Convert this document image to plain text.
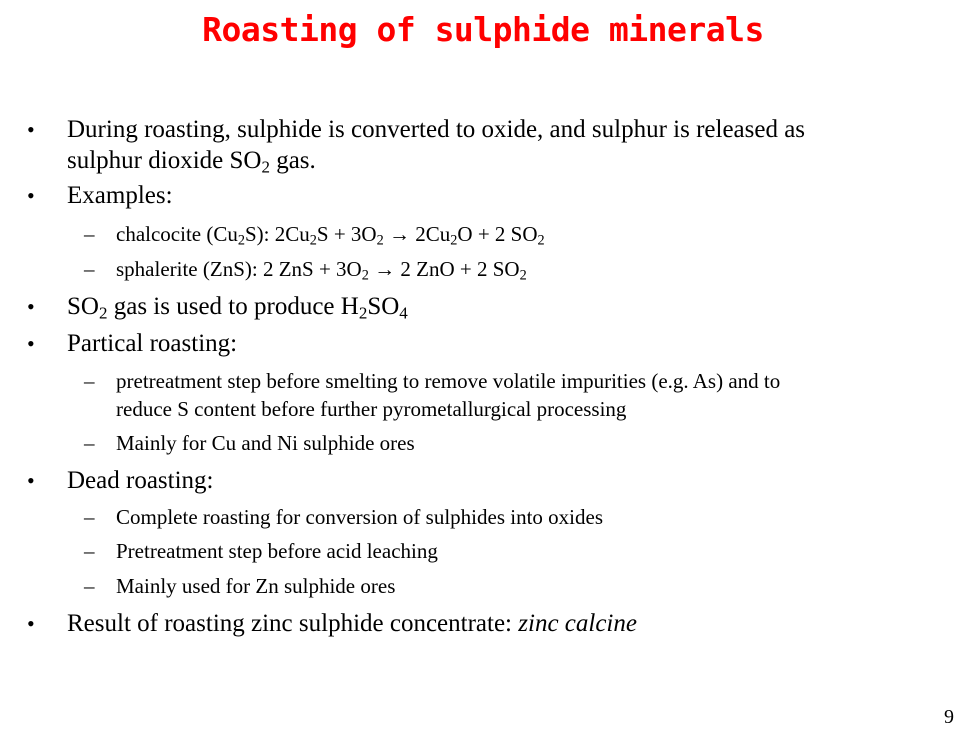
Roasting of sulphide minerals
• During roasting, sulphide is converted to oxide, and sulphur is released as
sulphur dioxide $SO_2$ gas.
• Examples:
– chalcocite $(Cu_2S)$: $2Cu_2S + 3O_2 \to 2Cu_2O + 2$ $SO_2$
– sphalerite (ZnS): 2 ZnS + $3O_2 \to 2$ ZnO + 2 $SO_2$
• $SO_2$ gas is used to produce $H_2SO_4$
• Partical roasting:
– pretreatment step before smelting to remove volatile impurities (e.g. As) and to
reduce S content before further pyrometallurgical processing
– Mainly for Cu and Ni sulphide ores
• Dead roasting:
– Complete roasting for conversion of sulphides into oxides
– Pretreatment step before acid leaching
– Mainly used for Zn sulphide ores
• Result of roasting zinc sulphide concentrate: zinc calcine
9
